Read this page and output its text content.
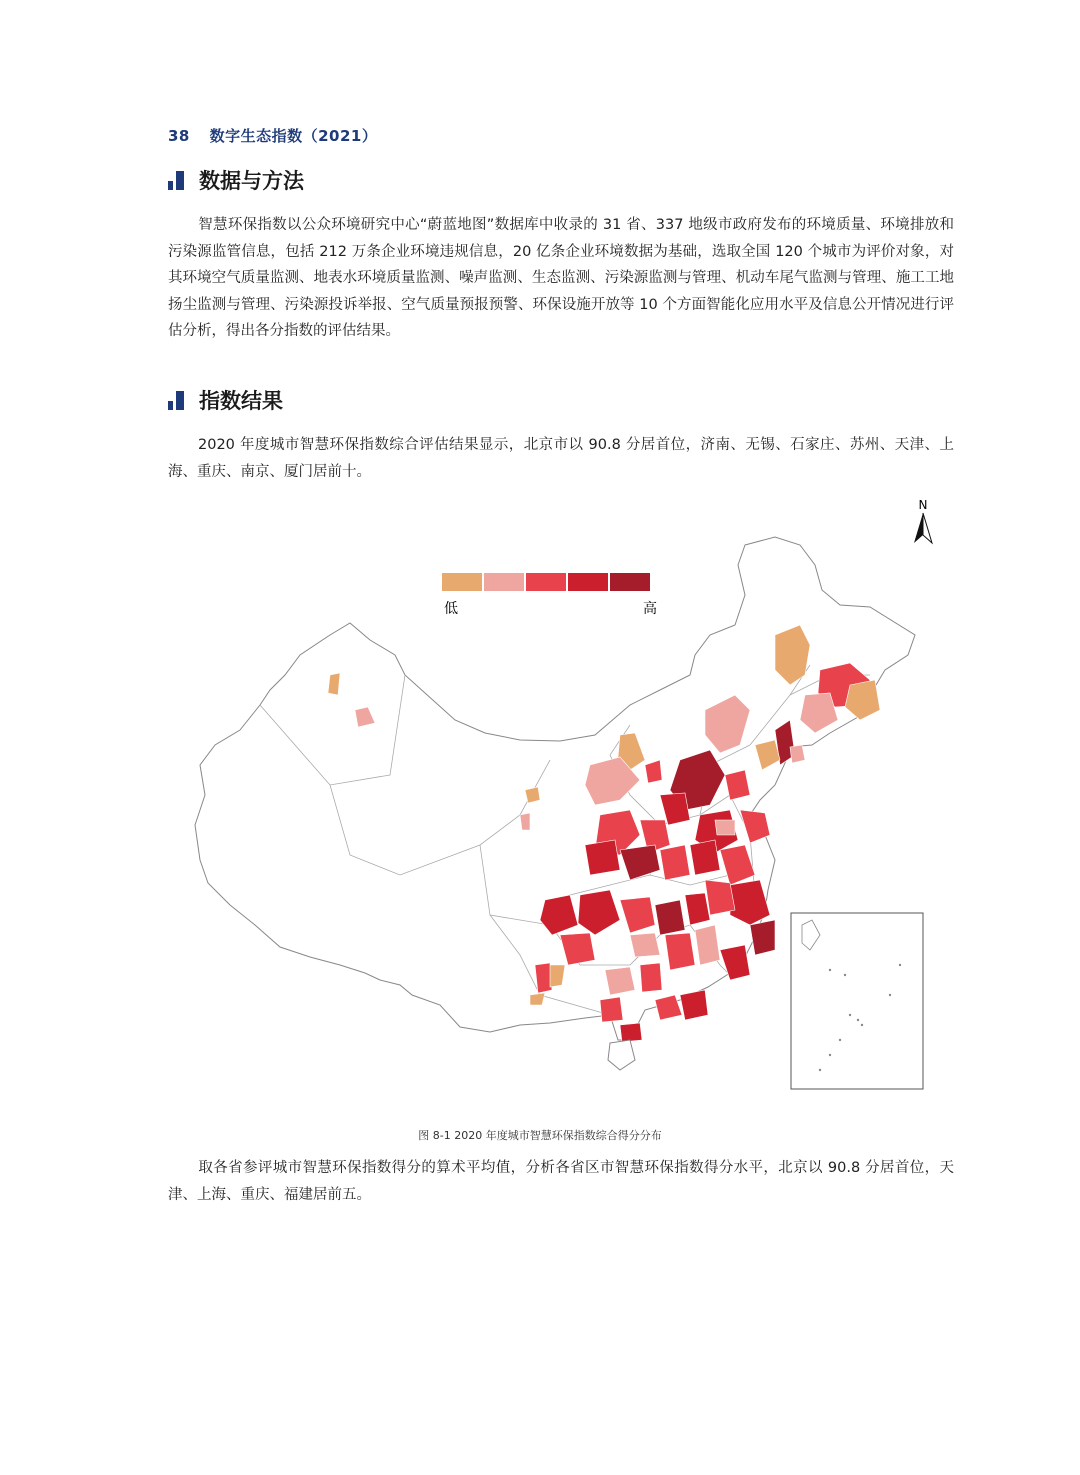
38 数字生态指数（2021）
数据与方法
智慧环保指数以公众环境研究中心“蔚蓝地图”数据库中收录的 31 省、337 地级市政府发布的环境质量、环境排放和污染源监管信息，包括 212 万条企业环境违规信息，20 亿条企业环境数据为基础，选取全国 120 个城市为评价对象，对其环境空气质量监测、地表水环境质量监测、噪声监测、生态监测、污染源监测与管理、机动车尾气监测与管理、施工工地扬尘监测与管理、污染源投诉举报、空气质量预报预警、环保设施开放等 10 个方面智能化应用水平及信息公开情况进行评估分析，得出各分指数的评估结果。
指数结果
2020 年度城市智慧环保指数综合评估结果显示，北京市以 90.8 分居首位，济南、无锡、石家庄、苏州、天津、上海、重庆、南京、厦门居前十。
N
低	高
图 8-1 2020 年度城市智慧环保指数综合得分分布
取各省参评城市智慧环保指数得分的算术平均值，分析各省区市智慧环保指数得分水平，北京以 90.8 分居首位，天津、上海、重庆、福建居前五。
